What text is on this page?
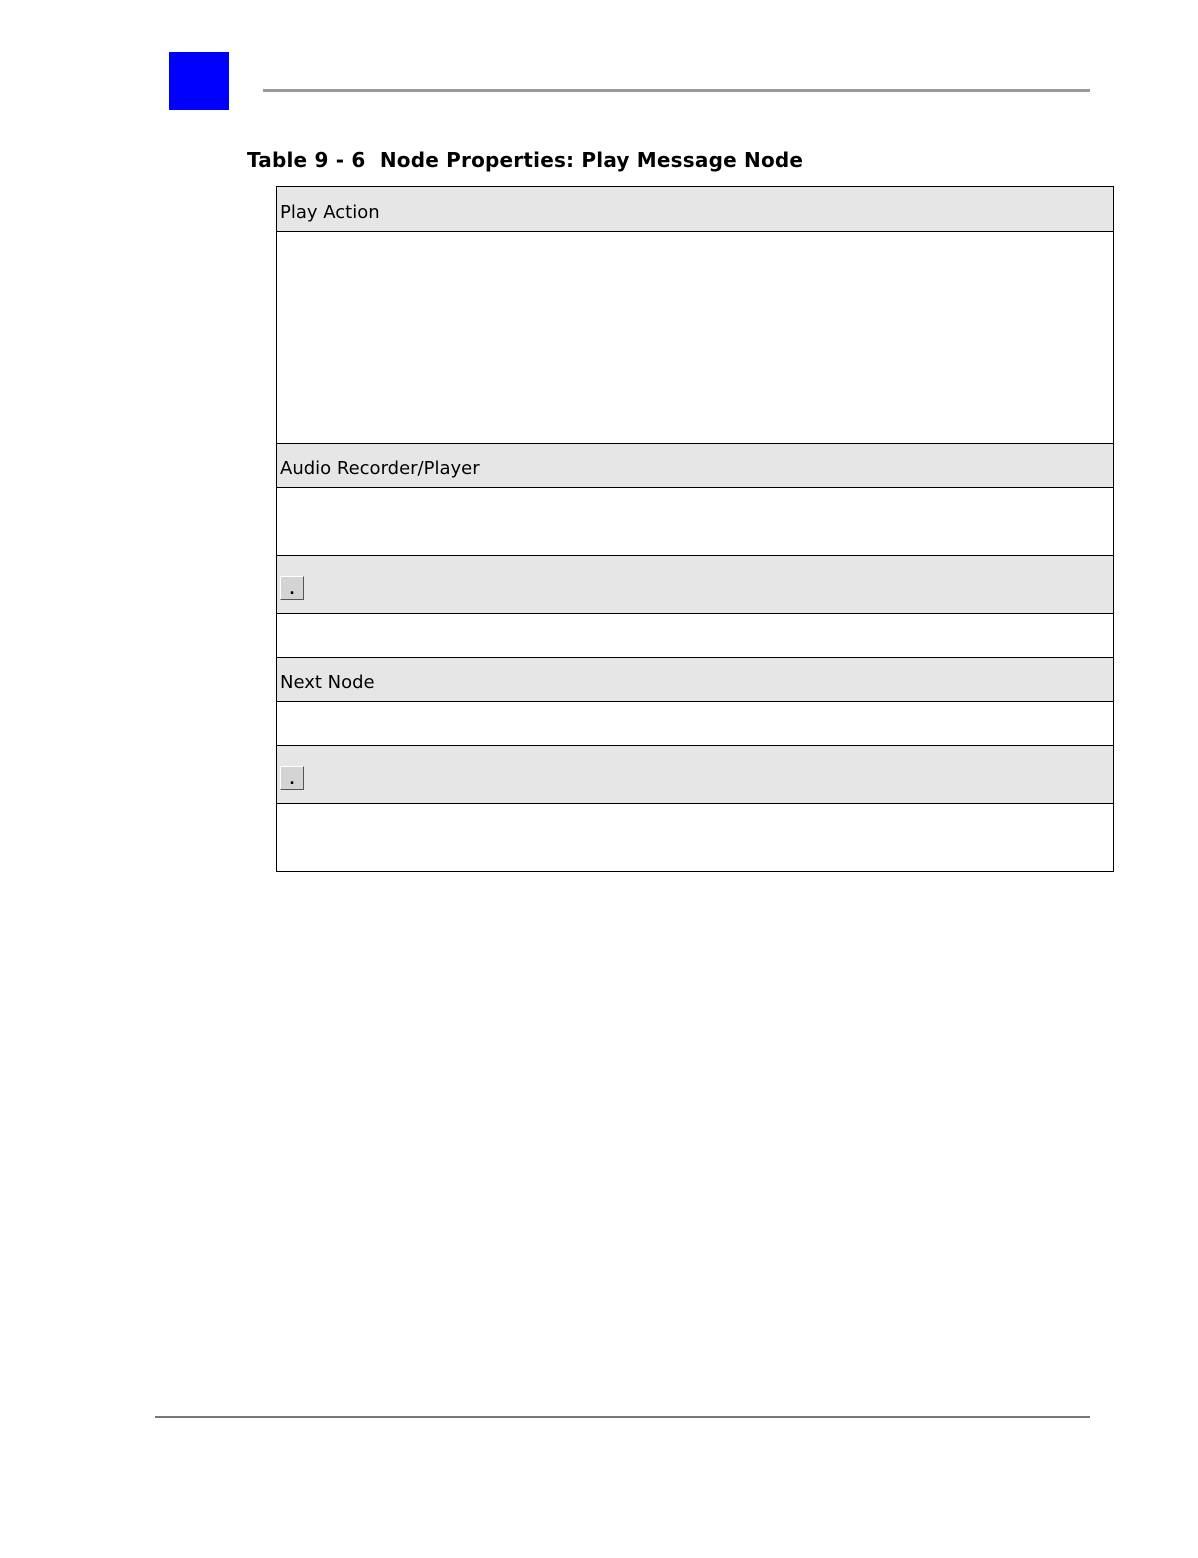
Table 9 - 6  Node Properties: Play Message Node
Play Action

Audio Recorder/Player

.

Next Node

.
